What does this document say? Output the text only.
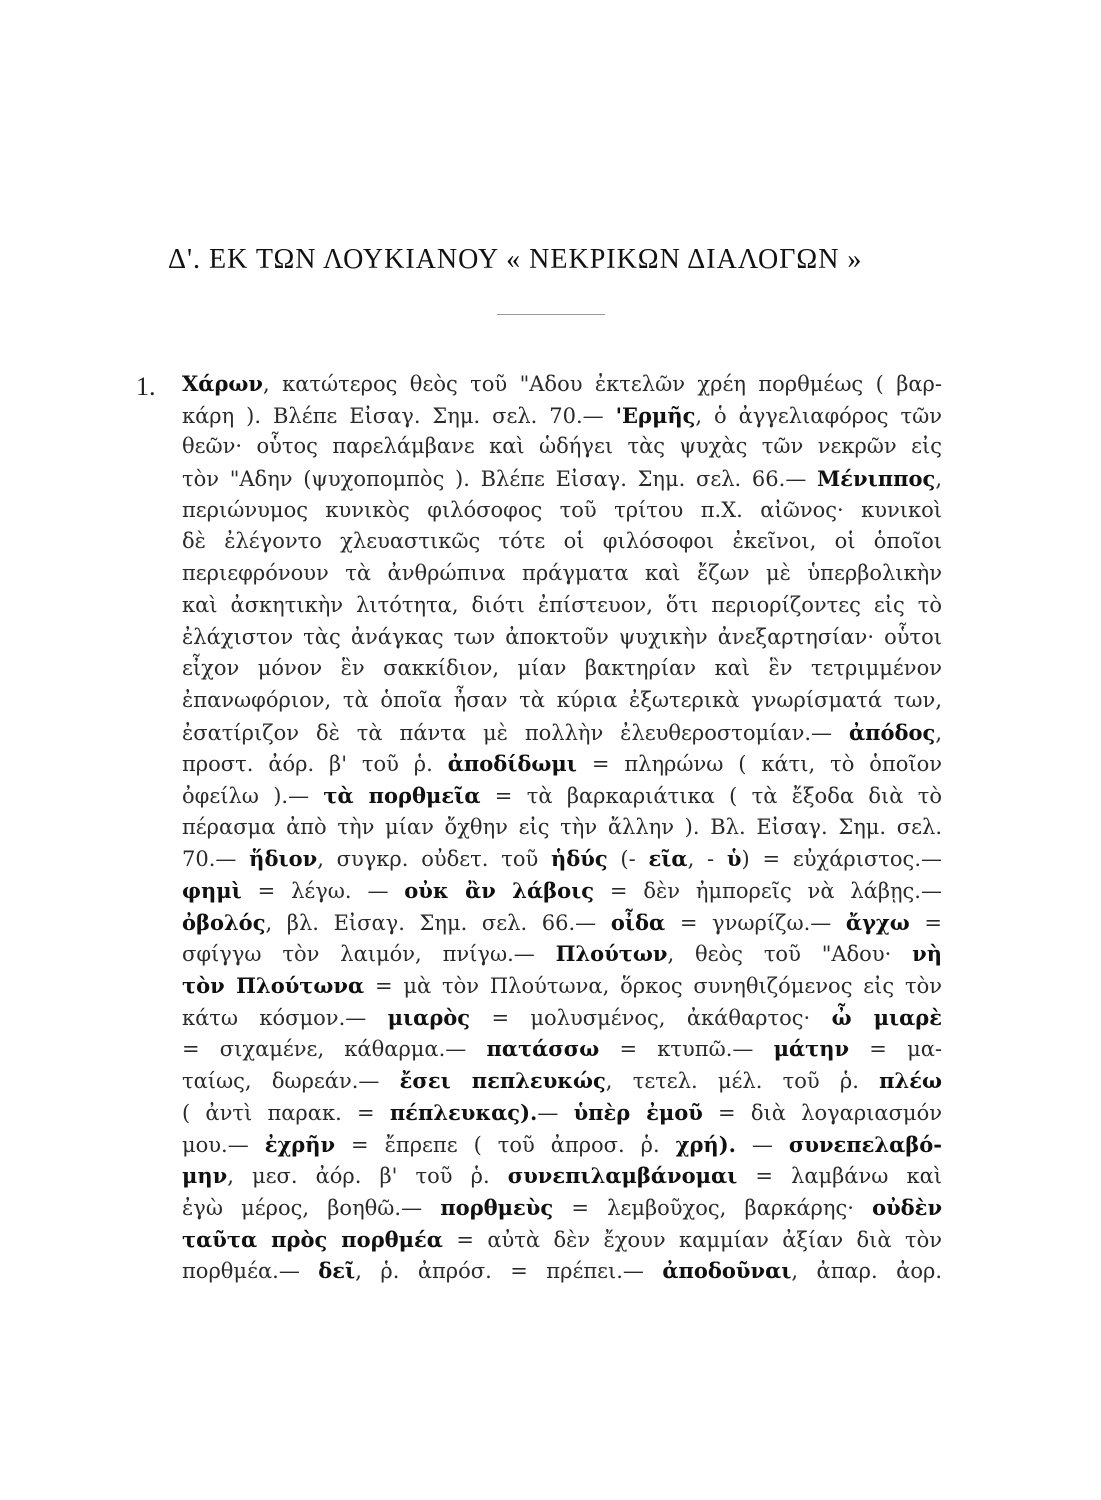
Δ'. ΕΚ ΤΩΝ ΛΟΥΚΙΑΝΟΥ « ΝΕΚΡΙΚΩΝ ΔΙΑΛΟΓΩΝ »
1. Χάρων, κατώτερος θεὸς τοῦ "Αδου ἐκτελῶν χρέη πορθμέως ( βαρ-
κάρη ). Βλέπε Εἰσαγ. Σημ. σελ. 70.— 'Ερμῆς, ὁ ἀγγελιαφόρος τῶν
θεῶν· οὗτος παρελάμβανε καὶ ὡδήγει τὰς ψυχὰς τῶν νεκρῶν εἰς
τὸν "Αδην (ψυχοπομπὸς ). Βλέπε Εἰσαγ. Σημ. σελ. 66.— Μένιππος,
περιώνυμος κυνικὸς φιλόσοφος τοῦ τρίτου π.Χ. αἰῶνος· κυνικοὶ
δὲ ἐλέγοντο χλευαστικῶς τότε οἱ φιλόσοφοι ἐκεῖνοι, οἱ ὁποῖοι
περιεφρόνουν τὰ ἀνθρώπινα πράγματα καὶ ἔζων μὲ ὑπερβολικὴν
καὶ ἀσκητικὴν λιτότητα, διότι ἐπίστευον, ὅτι περιορίζοντες εἰς τὸ
ἐλάχιστον τὰς ἀνάγκας των ἀποκτοῦν ψυχικὴν ἀνεξαρτησίαν· οὗτοι
εἶχον μόνον ἓν σακκίδιον, μίαν βακτηρίαν καὶ ἓν τετριμμένον
ἐπανωφόριον, τὰ ὁποῖα ἦσαν τὰ κύρια ἐξωτερικὰ γνωρίσματά των,
ἐσατίριζον δὲ τὰ πάντα μὲ πολλὴν ἐλευθεροστομίαν.— ἀπόδος,
προστ. ἀόρ. β' τοῦ ῥ. ἀποδίδωμι = πληρώνω ( κάτι, τὸ ὁποῖον
ὀφείλω ).— τὰ πορθμεῖα = τὰ βαρκαριάτικα ( τὰ ἔξοδα διὰ τὸ
πέρασμα ἀπὸ τὴν μίαν ὄχθην εἰς τὴν ἄλλην ). Βλ. Εἰσαγ. Σημ. σελ.
70.— ἥδιον, συγκρ. οὐδετ. τοῦ ἡδύς (- εῖα, - ὑ) = εὐχάριστος.—
φημὶ = λέγω. — οὐκ ἂν λάβοις = δὲν ἠμπορεῖς νὰ λάβῃς.—
ὀβολός, βλ. Εἰσαγ. Σημ. σελ. 66.— οἶδα = γνωρίζω.— ἄγχω =
σφίγγω τὸν λαιμόν, πνίγω.— Πλούτων, θεὸς τοῦ "Αδου· νὴ
τὸν Πλούτωνα = μὰ τὸν Πλούτωνα, ὅρκος συνηθιζόμενος εἰς τὸν
κάτω κόσμον.— μιαρὸς = μολυσμένος, ἀκάθαρτος· ὦ μιαρὲ
= σιχαμένε, κάθαρμα.— πατάσσω = κτυπῶ.— μάτην = μα-
ταίως, δωρεάν.— ἔσει πεπλευκώς, τετελ. μέλ. τοῦ ῥ. πλέω
( ἀντὶ παρακ. = πέπλευκας).— ὑπὲρ ἐμοῦ = διὰ λογαριασμόν
μου.— ἐχρῆν = ἔπρεπε ( τοῦ ἀπροσ. ῥ. χρή). — συνεπελαβό-
μην, μεσ. ἀόρ. β' τοῦ ῥ. συνεπιλαμβάνομαι = λαμβάνω καὶ
ἐγὼ μέρος, βοηθῶ.— πορθμεὺς = λεμβοῦχος, βαρκάρης· οὐδὲν
ταῦτα πρὸς πορθμέα = αὐτὰ δὲν ἔχουν καμμίαν ἀξίαν διὰ τὸν
πορθμέα.— δεῖ, ῥ. ἀπρόσ. = πρέπει.— ἀποδοῦναι, ἀπαρ. ἀορ.
